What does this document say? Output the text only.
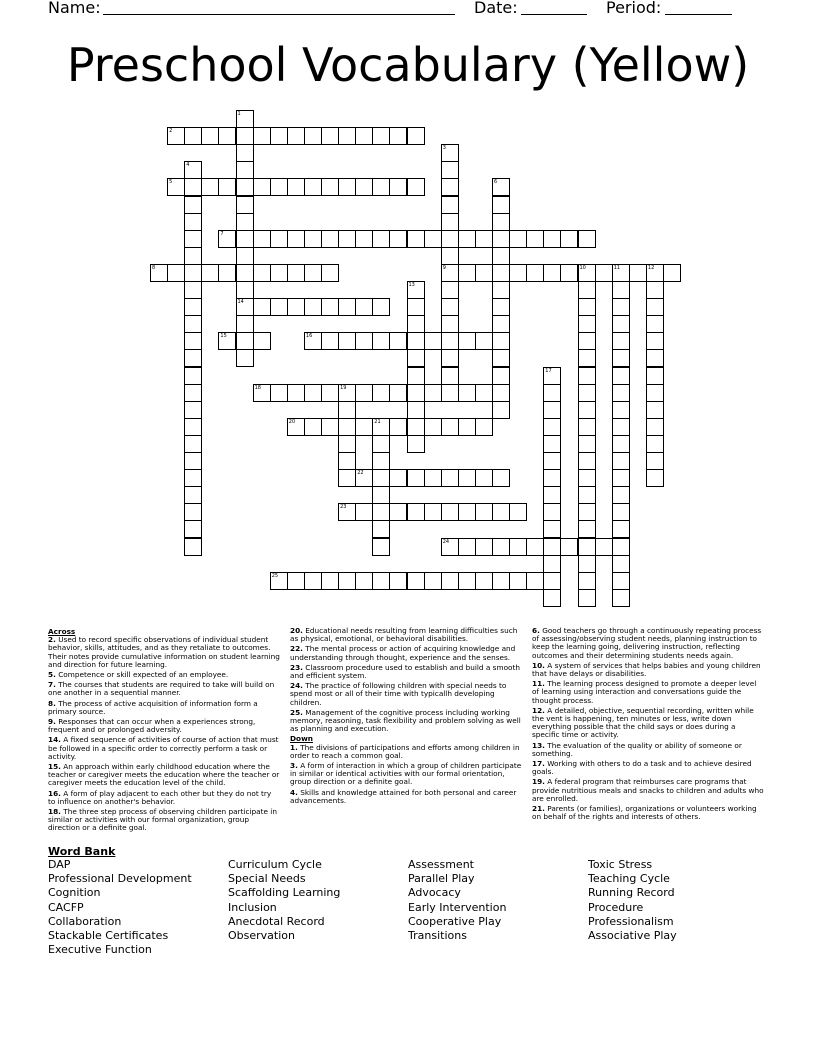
Name:	Date:	Period:
Preschool Vocabulary (Yellow)
2
1
14
3
9
4
5	6
7
8	10	11	12
13
15	16
17
18	19
20	21
22
23
24
25
Across
2. Used to record specific observations of individual student behavior, skills, attitudes, and as they retaliate to outcomes. Their notes provide cumulative information on student learning and direction for future learning.
5. Competence or skill expected of an employee.
7. The courses that students are required to take will build on one another in a sequential manner.
8. The process of active acquisition of information form a primary source.
9. Responses that can occur when a experiences strong, frequent and or prolonged adversity.
14. A fixed sequence of activities of course of action that must be followed in a specific order to correctly perform a task or activity.
15. An approach within early childhood education where the teacher or caregiver meets the education where the teacher or caregiver meets the education level of the child.
16. A form of play adjacent to each other but they do not try to influence on another's behavior.
18. The three step process of observing children participate in similar or activities with our formal organization, group direction or a definite goal.
20. Educational needs resulting from learning difficulties such as physical, emotional, or behavioral disabilities.
22. The mental process or action of acquiring knowledge and understanding through thought, experience and the senses.
23. Classroom procedure used to establish and build a smooth and efficient system.
24. The practice of following children with special needs to spend most or all of their time with typicallh developing children.
25. Management of the cognitive process including working memory, reasoning, task flexibility and problem solving as well as planning and execution.
Down
1. The divisions of participations and efforts among children in order to reach a common goal.
3. A form of interaction in which a group of children participate in similar or identical activities with our formal orientation, group direction or a definite goal.
4. Skills and knowledge attained for both personal and career advancements.
6. Good teachers go through a continuously repeating process of assessing/observing student needs, planning instruction to keep the learning going, delivering instruction, reflecting outcomes and their determining students needs again.
10. A system of services that helps babies and young children that have delays or disabilities.
11. The learning process designed to promote a deeper level of learning using interaction and conversations guide the thought process.
12. A detailed, objective, sequential recording, written while the vent is happening, ten minutes or less, write down everything possible that the child says or does during a specific time or activity.
13. The evaluation of the quality or ability of someone or something.
17. Working with others to do a task and to achieve desired goals.
19. A federal program that reimburses care programs that provide nutritious meals and snacks to children and adults who are enrolled.
21. Parents (or families), organizations or volunteers working on behalf of the rights and interests of others.
Word Bank
DAP
Professional Development
Cognition
CACFP
Collaboration
Stackable Certificates
Executive Function
Curriculum Cycle
Special Needs
Scaffolding Learning
Inclusion
Anecdotal Record
Observation
Assessment
Parallel Play
Advocacy
Early Intervention
Cooperative Play
Transitions
Toxic Stress
Teaching Cycle
Running Record
Procedure
Professionalism
Associative Play
